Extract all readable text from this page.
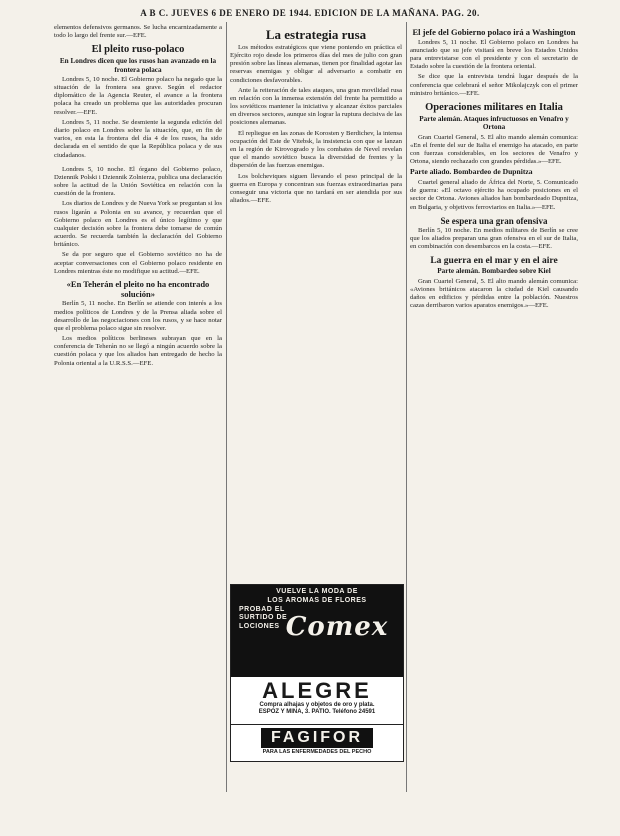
A B C. JUEVES 6 DE ENERO DE 1944. EDICION DE LA MAÑANA. PAG. 20.

elementos defensivos germanos. Se lucha encarnizadamente a todo lo largo del frente sur.—EFE.

El pleito ruso-polaco
En Londres dicen que los rusos han avanzado en la frontera polaca

Londres 5, 10 noche. El Gobierno polaco ha negado que la situación de la frontera sea grave. Según el redactor diplomático de la Agencia Reuter, el avance a la frontera polaca ha creado un problema que las autoridades procuran resolver.—EFE.

Londres 5, 11 noche. Se desmiente la segunda edición del diario polaco en Londres sobre la situación, que, en fin de varios, en esta la frontera del día 4 de los rusos, ha sido declarada en el sentido de que la República polaca y de sus ciudadanos.

Londres 5, 10 noche. El órgano del Gobierno polaco, Dziennik Polski i Dziennik Zolnierza, publica una declaración sobre la actitud de la Unión Soviética en relación con la cuestión de la frontera.

Los diarios de Londres y de Nueva York se preguntan si los rusos ligarán a Polonia en su avance, y recuerdan que el Gobierno polaco en Londres es el único legítimo y que cualquier decisión sobre la frontera debe tomarse de común acuerdo. Se recuerda también la declaración del Gobierno británico.

Se da por seguro que el Gobierno soviético no ha de aceptar conversaciones con el Gobierno polaco residente en Londres mientras éste no modifique su actitud.—EFE.

«En Teherán el pleito no ha encontrado solución»

Berlín 5, 11 noche. En Berlín se atiende con interés a los medios políticos de Londres y de la Prensa aliada sobre el desarrollo de las negociaciones con los rusos, y se hace notar que el problema polaco sigue sin resolver.

Los medios políticos berlineses subrayan que en la conferencia de Teherán no se llegó a ningún acuerdo sobre la cuestión polaca y que los aliados han entregado de hecho la Polonia oriental a la U.R.S.S.—EFE.

La estrategia rusa

Los métodos estratégicos que viene poniendo en práctica el Ejército rojo desde los primeros días del mes de julio con gran presión sobre las líneas alemanas, tienen por finalidad agotar las reservas enemigas y obligar al adversario a combatir en condiciones desfavorables.

Ante la reiteración de tales ataques, una gran movilidad rusa en relación con la inmensa extensión del frente ha permitido a los soviéticos mantener la iniciativa y alcanzar éxitos parciales en diversos sectores, aunque sin lograr la ruptura decisiva de las posiciones alemanas.

El repliegue en las zonas de Korosten y Berdichev, la intensa ocupación del Este de Vitebsk, la insistencia con que se lanzan en la región de Kirovogrado y los combates de Nevel revelan que el mando soviético busca la diversidad de frentes y la dispersión de las fuerzas enemigas.

Los bolcheviques siguen llevando el peso principal de la guerra en Europa y concentran sus fuerzas extraordinarias para conseguir una victoria que no tardará en ser atendida por sus aliados.—EFE.

VUELVE LA MODA DE
LOS AROMAS DE FLORES
PROBAD EL
SURTIDO DE
LOCIONES Comex
ALEGRE
Compra alhajas y objetos de oro y plata.
ESPOZ Y MINA, 3. PATIO. Teléfono 24591
FAGIFOR
PARA LAS ENFERMEDADES DEL PECHO
El jefe del Gobierno polaco irá a Washington

Londres 5, 11 noche. El Gobierno polaco en Londres ha anunciado que su jefe visitará en breve los Estados Unidos para entrevistarse con el presidente y con el secretario de Estado sobre la cuestión de la frontera oriental.

Se dice que la entrevista tendrá lugar después de la conferencia que celebrará el señor Mikolajczyk con el primer ministro británico.—EFE.

Operaciones militares en Italia
Parte alemán. Ataques infructuosos en Venafro y Ortona

Gran Cuartel General, 5. El alto mando alemán comunica: «En el frente del sur de Italia el enemigo ha atacado, en parte con fuerzas considerables, en los sectores de Venafro y Ortona, siendo rechazado con grandes pérdidas.»—EFE.

Parte aliado. Bombardeo de Dupnitza

Cuartel general aliado de África del Norte, 5. Comunicado de guerra: «El octavo ejército ha ocupado posiciones en el sector de Ortona. Aviones aliados han bombardeado Dupnitza, en Bulgaria, y objetivos ferroviarios en Italia.»—EFE.

Se espera una gran ofensiva

Berlín 5, 10 noche. En medios militares de Berlín se cree que los aliados preparan una gran ofensiva en el sur de Italia, en combinación con desembarcos en la costa.—EFE.

La guerra en el mar y en el aire
Parte alemán. Bombardeo sobre Kiel

Gran Cuartel General, 5. El alto mando alemán comunica: «Aviones británicos atacaron la ciudad de Kiel causando daños en edificios y pérdidas entre la población. Nuestros cazas derribaron varios aparatos enemigos.»—EFE.
